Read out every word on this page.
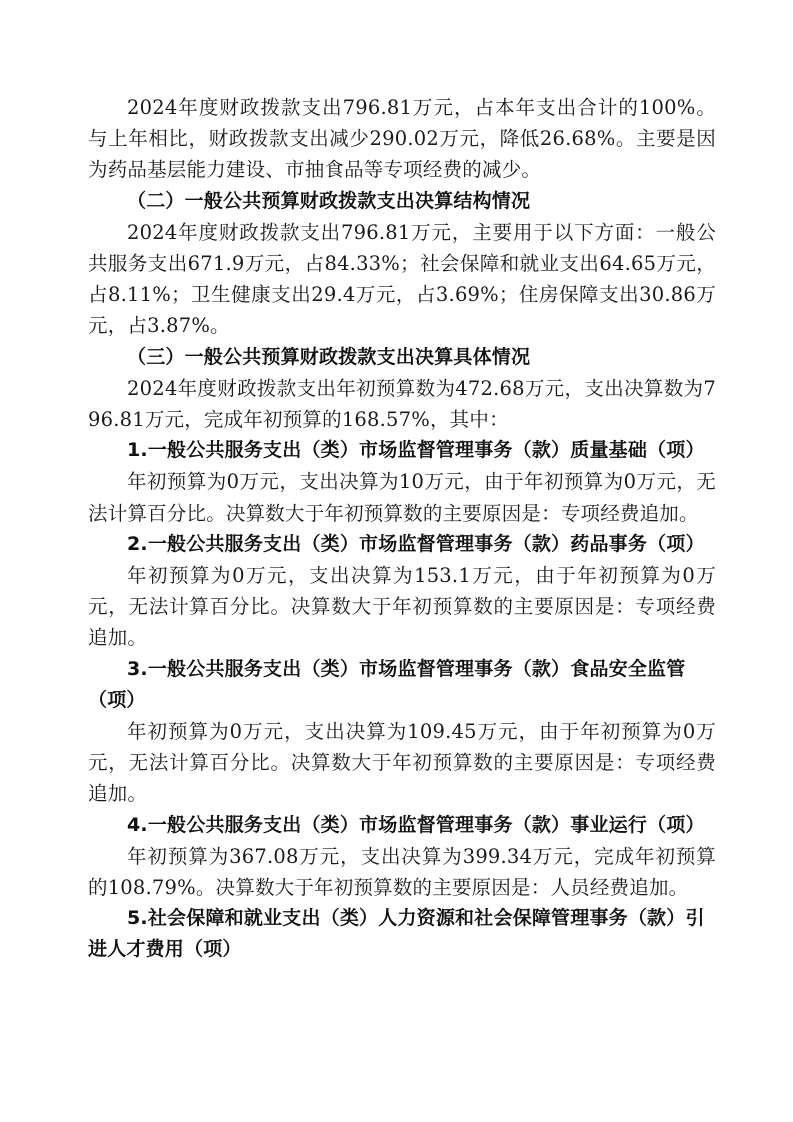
2024年度财政拨款支出796.81万元，占本年支出合计的100%。与上年相比，财政拨款支出减少290.02万元，降低26.68%。主要是因为药品基层能力建设、市抽食品等专项经费的减少。

（二）一般公共预算财政拨款支出决算结构情况

2024年度财政拨款支出796.81万元，主要用于以下方面：一般公共服务支出671.9万元，占84.33%；社会保障和就业支出64.65万元，占8.11%；卫生健康支出29.4万元，占3.69%；住房保障支出30.86万元，占3.87%。

（三）一般公共预算财政拨款支出决算具体情况

2024年度财政拨款支出年初预算数为472.68万元，支出决算数为796.81万元，完成年初预算的168.57%，其中：

1.一般公共服务支出（类）市场监督管理事务（款）质量基础（项）

年初预算为0万元，支出决算为10万元，由于年初预算为0万元，无法计算百分比。决算数大于年初预算数的主要原因是：专项经费追加。

2.一般公共服务支出（类）市场监督管理事务（款）药品事务（项）

年初预算为0万元，支出决算为153.1万元，由于年初预算为0万元，无法计算百分比。决算数大于年初预算数的主要原因是：专项经费追加。

3.一般公共服务支出（类）市场监督管理事务（款）食品安全监管（项）

年初预算为0万元，支出决算为109.45万元，由于年初预算为0万元，无法计算百分比。决算数大于年初预算数的主要原因是：专项经费追加。

4.一般公共服务支出（类）市场监督管理事务（款）事业运行（项）

年初预算为367.08万元，支出决算为399.34万元，完成年初预算的108.79%。决算数大于年初预算数的主要原因是：人员经费追加。

5.社会保障和就业支出（类）人力资源和社会保障管理事务（款）引进人才费用（项）
